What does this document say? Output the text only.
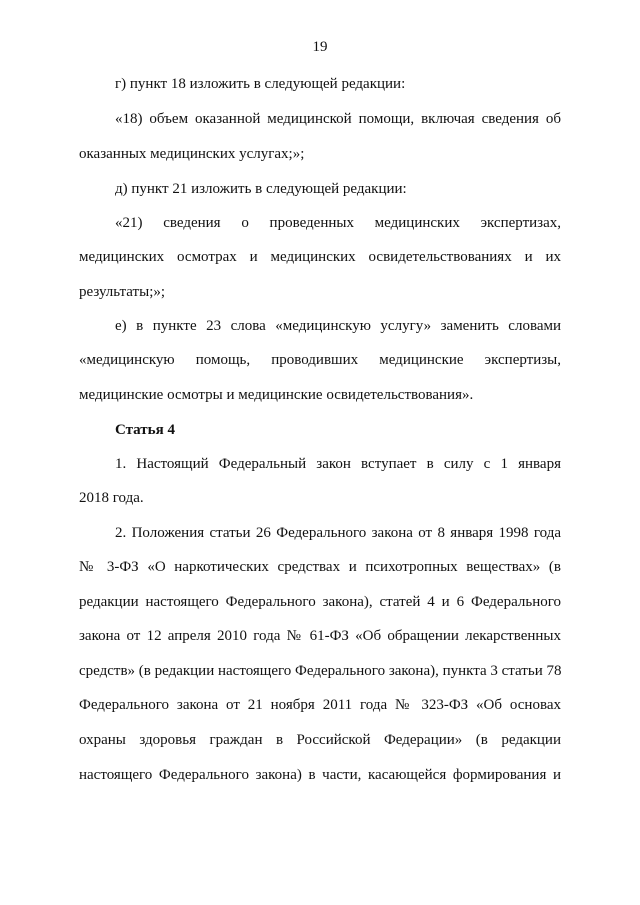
19
г) пункт 18 изложить в следующей редакции:
«18) объем оказанной медицинской помощи, включая сведения об
оказанных медицинских услугах;»;
д) пункт 21 изложить в следующей редакции:
«21) сведения о проведенных медицинских экспертизах,
медицинских осмотрах и медицинских освидетельствованиях и их
результаты;»;
е) в пункте 23 слова «медицинскую услугу» заменить словами
«медицинскую помощь, проводивших медицинские экспертизы,
медицинские осмотры и медицинские освидетельствования».
Статья 4
1. Настоящий Федеральный закон вступает в силу с 1 января
2018 года.
2. Положения статьи 26 Федерального закона от 8 января 1998 года
№ 3-ФЗ «О наркотических средствах и психотропных веществах» (в
редакции настоящего Федерального закона), статей 4 и 6 Федерального
закона от 12 апреля 2010 года № 61-ФЗ «Об обращении лекарственных
средств» (в редакции настоящего Федерального закона), пункта 3 статьи 78
Федерального закона от 21 ноября 2011 года № 323-ФЗ «Об основах
охраны здоровья граждан в Российской Федерации» (в редакции
настоящего Федерального закона) в части, касающейся формирования и
